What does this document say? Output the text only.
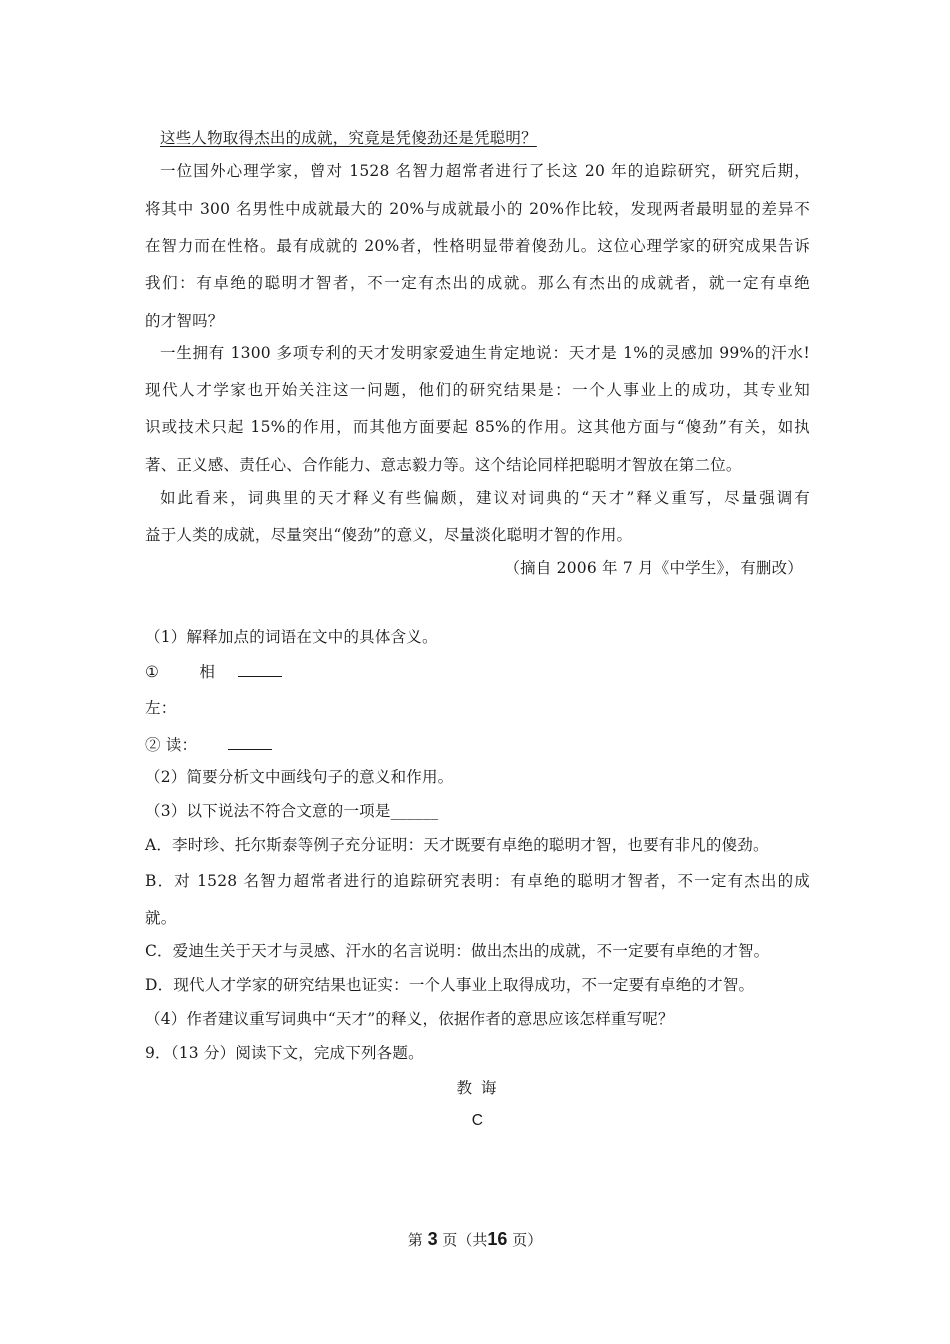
这些人物取得杰出的成就，究竟是凭傻劲还是凭聪明？
一位国外心理学家，曾对 1528 名智力超常者进行了长这 20 年的追踪研究，研究后期，
将其中 300 名男性中成就最大的 20%与成就最小的 20%作比较，发现两者最明显的差异不
在智力而在性格。最有成就的 20%者，性格明显带着傻劲儿。这位心理学家的研究成果告诉
我们：有卓绝的聪明才智者，不一定有杰出的成就。那么有杰出的成就者，就一定有卓绝
的才智吗？
一生拥有 1300 多项专利的天才发明家爱迪生肯定地说：天才是 1%的灵感加 99%的汗水!
现代人才学家也开始关注这一问题，他们的研究结果是：一个人事业上的成功，其专业知
识或技术只起 15%的作用，而其他方面要起 85%的作用。这其他方面与“傻劲”有关，如执
著、正义感、责任心、合作能力、意志毅力等。这个结论同样把聪明才智放在第二位。
如此看来，词典里的天才释义有些偏颇，建议对词典的“天才”释义重写，尽量强调有
益于人类的成就，尽量突出“傻劲”的意义，尽量淡化聪明才智的作用。
（摘自 2006 年 7 月《中学生》，有删改）
（1）解释加点的词语在文中的具体含义。
①	相
左：
② 读：
（2）简要分析文中画线句子的意义和作用。
（3）以下说法不符合文意的一项是______
A．李时珍、托尔斯泰等例子充分证明：天才既要有卓绝的聪明才智，也要有非凡的傻劲。
B．对 1528 名智力超常者进行的追踪研究表明：有卓绝的聪明才智者，不一定有杰出的成
就。
C．爱迪生关于天才与灵感、汗水的名言说明：做出杰出的成就，不一定要有卓绝的才智。
D．现代人才学家的研究结果也证实：一个人事业上取得成功，不一定要有卓绝的才智。
（4）作者建议重写词典中“天才”的释义，依据作者的意思应该怎样重写呢？
9．（13 分）阅读下文，完成下列各题。
教 诲
C
第 3 页（共16 页）
